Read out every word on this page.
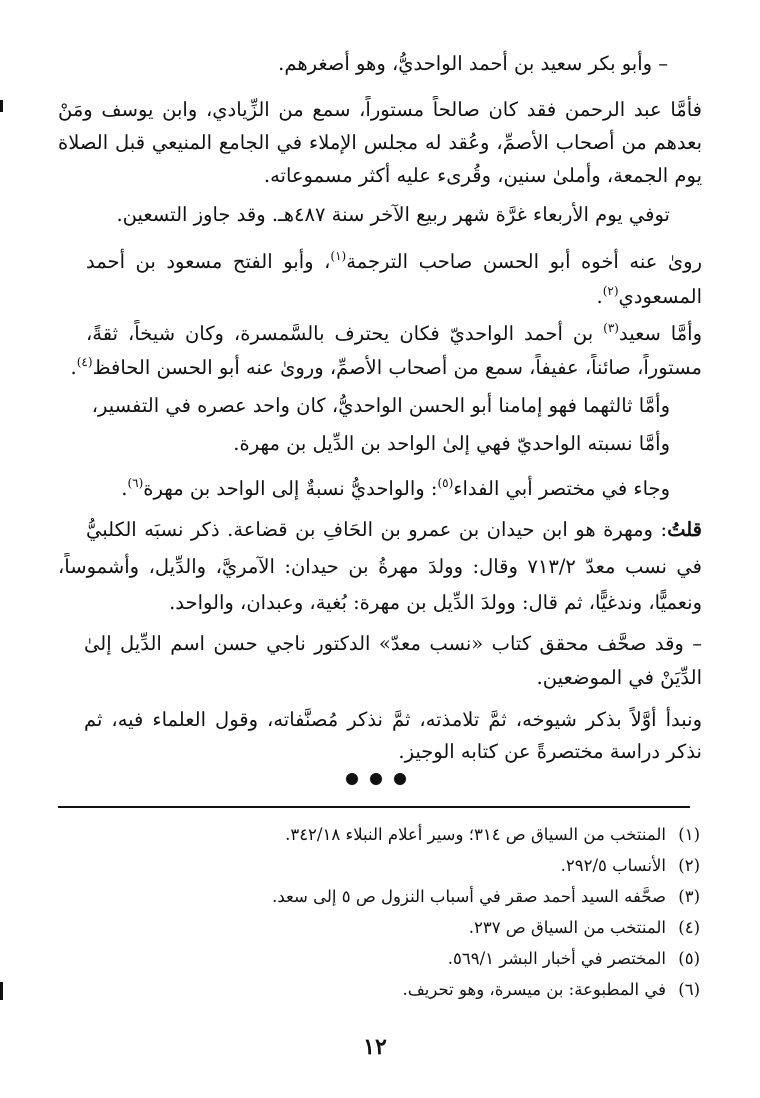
– وأبو بكر سعيد بن أحمد الواحديُّ، وهو أصغرهم.
فأمَّا عبد الرحمن فقد كان صالحاً مستوراً، سمع من الزِّيادي، وابن يوسف ومَنْ
بعدهم من أصحاب الأصمِّ، وعُقد له مجلس الإملاء في الجامع المنيعي قبل الصلاة
يوم الجمعة، وأملىٰ سنين، وقُرىء عليه أكثر مسموعاته.
توفي يوم الأربعاء غرَّة شهر ربيع الآخر سنة ٤٨٧هـ. وقد جاوز التسعين.
روىٰ عنه أخوه أبو الحسن صاحب الترجمة$^{(١)}$، وأبو الفتح مسعود بن أحمد
المسعودي$^{(٢)}$.
وأمَّا سعيد$^{(٣)}$ بن أحمد الواحديّ فكان يحترف بالسَّمسرة، وكان شيخاً، ثقةً،
مستوراً، صائناً، عفيفاً، سمع من أصحاب الأصمِّ، وروىٰ عنه أبو الحسن الحافظ$^{(٤)}$.
وأمَّا ثالثهما فهو إمامنا أبو الحسن الواحديُّ، كان واحد عصره في التفسير،
وأمَّا نسبته الواحديّ فهي إلىٰ الواحد بن الدِّيل بن مهرة.
وجاء في مختصر أبي الفداء$^{(٥)}$: والواحديُّ نسبةٌ إلى الواحد بن مهرة$^{(٦)}$.
قلتُ: ومهرة هو ابن حيدان بن عمرو بن الحَافِ بن قضاعة. ذكر نسبَه الكلبيُّ
في نسب معدّ ٧١٣/٢ وقال: وولدَ مهرةُ بن حيدان: الآمريَّ، والدِّيل، وأشموساً،
ونعميًّا، وندغيًّا، ثم قال: وولدَ الدِّيل بن مهرة: بُغية، وعبدان، والواحد.
– وقد صحَّف محقق كتاب «نسب معدّ» الدكتور ناجي حسن اسم الدِّيل إلىٰ
الدِّيَنْ في الموضعين.
ونبدأ أوَّلاً بذكر شيوخه، ثمَّ تلامذته، ثمَّ نذكر مُصنَّفاته، وقول العلماء فيه، ثم
نذكر دراسة مختصرةً عن كتابه الوجيز.
(١)المنتخب من السياق ص ٣١٤؛ وسير أعلام النبلاء ٣٤٢/١٨.
(٢)الأنساب ٢٩٢/٥.
(٣)صحَّفه السيد أحمد صقر في أسباب النزول ص ٥ إلى سعد.
(٤)المنتخب من السياق ص ٢٣٧.
(٥)المختصر في أخبار البشر ٥٦٩/١.
(٦)في المطبوعة: بن ميسرة، وهو تحريف.
١٢
